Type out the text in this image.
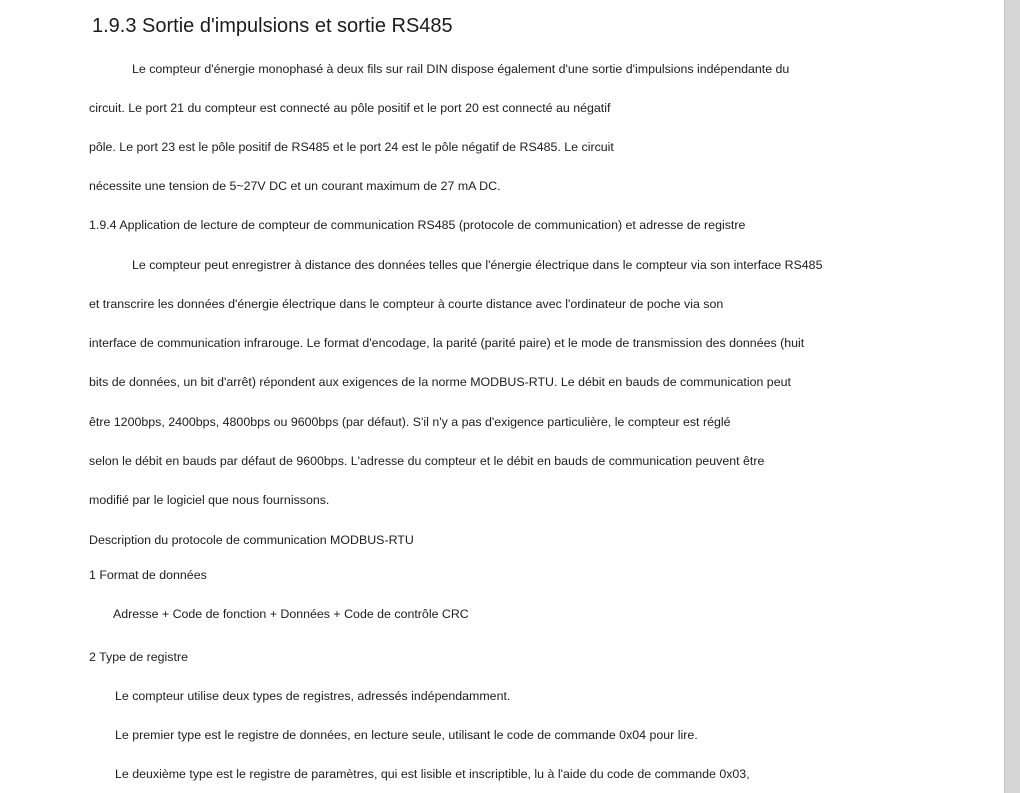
1.9.3 Sortie d'impulsions et sortie RS485
Le compteur d'énergie monophasé à deux fils sur rail DIN dispose également d'une sortie d'impulsions indépendante du
circuit. Le port 21 du compteur est connecté au pôle positif et le port 20 est connecté au négatif
pôle. Le port 23 est le pôle positif de RS485 et le port 24 est le pôle négatif de RS485. Le circuit
nécessite une tension de 5~27V DC et un courant maximum de 27 mA DC.
1.9.4 Application de lecture de compteur de communication RS485 (protocole de communication) et adresse de registre
Le compteur peut enregistrer à distance des données telles que l'énergie électrique dans le compteur via son interface RS485
et transcrire les données d'énergie électrique dans le compteur à courte distance avec l'ordinateur de poche via son
interface de communication infrarouge. Le format d'encodage, la parité (parité paire) et le mode de transmission des données (huit
bits de données, un bit d'arrêt) répondent aux exigences de la norme MODBUS-RTU. Le débit en bauds de communication peut
être 1200bps, 2400bps, 4800bps ou 9600bps (par défaut). S'il n'y a pas d'exigence particulière, le compteur est réglé
selon le débit en bauds par défaut de 9600bps. L'adresse du compteur et le débit en bauds de communication peuvent être
modifié par le logiciel que nous fournissons.
Description du protocole de communication MODBUS-RTU
1 Format de données
Adresse + Code de fonction + Données + Code de contrôle CRC
2 Type de registre
Le compteur utilise deux types de registres, adressés indépendamment.
Le premier type est le registre de données, en lecture seule, utilisant le code de commande 0x04 pour lire.
Le deuxième type est le registre de paramètres, qui est lisible et inscriptible, lu à l'aide du code de commande 0x03,
